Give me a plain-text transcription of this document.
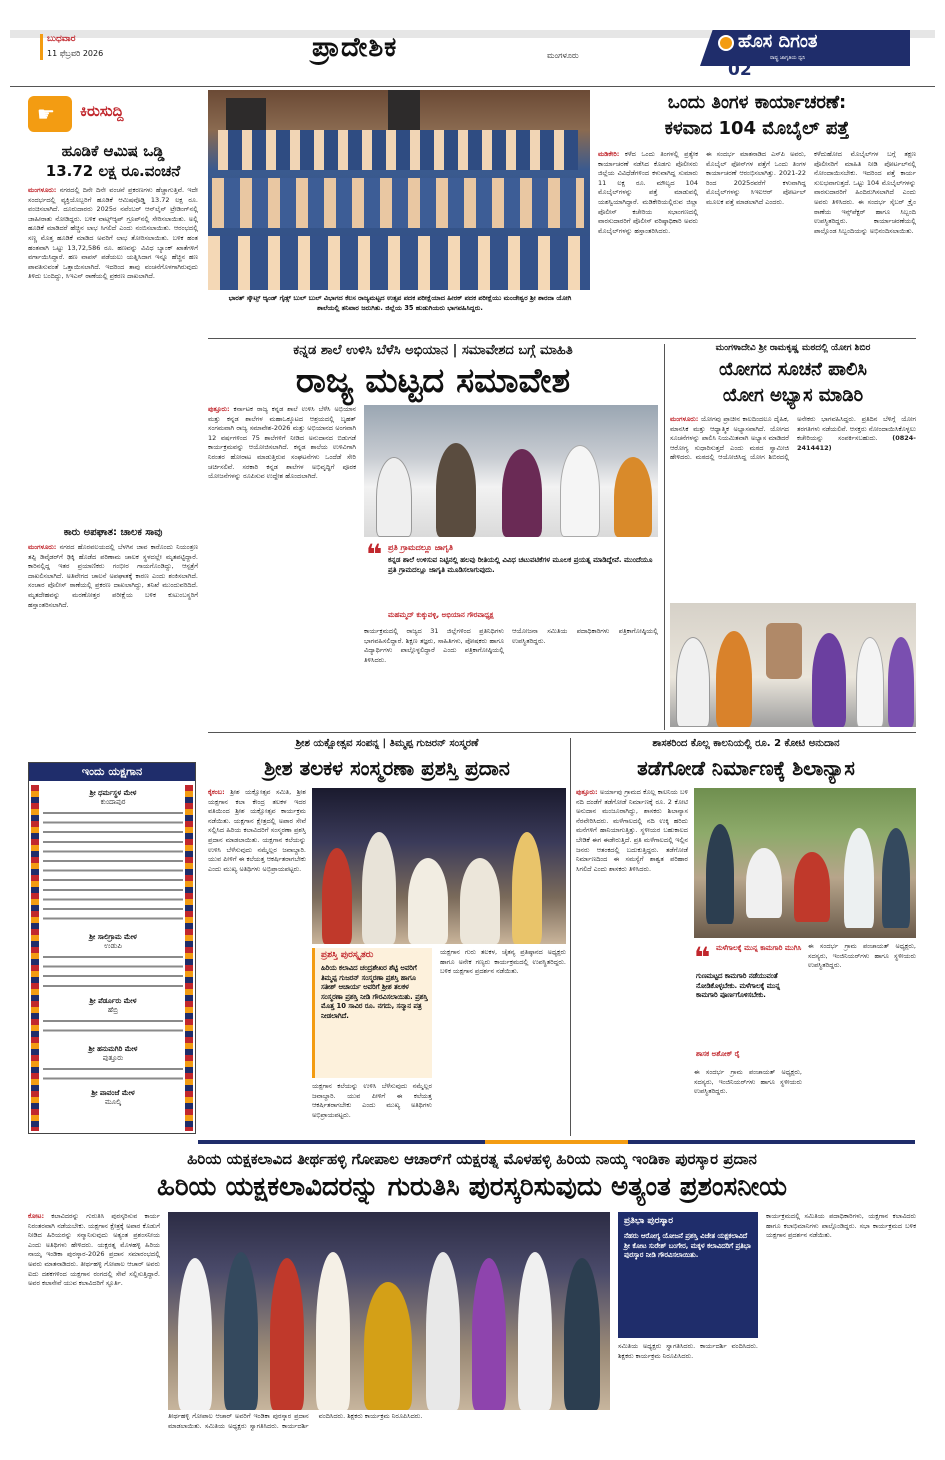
ಬುಧವಾರ
11 ಫೆಬ್ರವರಿ 2026	ಪ್ರಾದೇಶಿಕ	ಮಂಗಳೂರು
ಹೊಸ ದಿಗಂತ
ರಾಷ್ಟ್ರ ಜಾಗೃತಿಯ ಧ್ವನಿ
02
☛ ಕಿರುಸುದ್ದಿ
ಹೂಡಿಕೆ ಆಮಿಷ ಒಡ್ಡಿ
13.72 ಲಕ್ಷ ರೂ.ವಂಚನೆ
ಮಂಗಳೂರು: ನಗರದಲ್ಲಿ ದಿನೇ ದಿನೇ ವಂಚನೆ ಪ್ರಕರಣಗಳು ಹೆಚ್ಚಾಗುತ್ತಿವೆ. ಇದೇ ಸಂದರ್ಭದಲ್ಲಿ ವ್ಯಕ್ತಿಯೊಬ್ಬರಿಗೆ ಹೂಡಿಕೆ ಆಮಿಷವೊಡ್ಡಿ 13.72 ಲಕ್ಷ ರೂ. ವಂಚಿಸಲಾಗಿದೆ. ದೂರುದಾರರು 2025ರ ನವೆಂಬರ್ ಆನ್‌ಲೈನ್ ಟ್ರೇಡಿಂಗ್‌ನಲ್ಲಿ ಜಾಹೀರಾತು ನೋಡಿದ್ದರು. ಬಳಿಕ ವಾಟ್ಸ್‌ಆ್ಯಪ್ ಗ್ರೂಪ್‌ನಲ್ಲಿ ಸೇರಿಸಲಾಯಿತು. ಅಲ್ಲಿ ಹೂಡಿಕೆ ಮಾಡಿದರೆ ಹೆಚ್ಚಿನ ಲಾಭ ಸಿಗಲಿದೆ ಎಂದು ನಂಬಿಸಲಾಯಿತು. ಆರಂಭದಲ್ಲಿ ಸಣ್ಣ ಮೊತ್ತ ಹೂಡಿಕೆ ಮಾಡಿದ ಅವರಿಗೆ ಲಾಭ ತೋರಿಸಲಾಯಿತು. ಬಳಿಕ ಹಂತ ಹಂತವಾಗಿ ಒಟ್ಟು 13,72,586 ರೂ. ಹಣವನ್ನು ವಿವಿಧ ಬ್ಯಾಂಕ್ ಖಾತೆಗಳಿಗೆ ವರ್ಗಾಯಿಸಿದ್ದಾರೆ. ಹಣ ವಾಪಸ್ ಪಡೆಯಲು ಯತ್ನಿಸಿದಾಗ ಇನ್ನೂ ಹೆಚ್ಚಿನ ಹಣ ಪಾವತಿಸುವಂತೆ ಒತ್ತಾಯಿಸಲಾಗಿದೆ. ಇದರಿಂದ ತಾವು ವಂಚನೆಗೊಳಗಾಗಿರುವುದು ತಿಳಿದು ಬಂದಿದ್ದು, ಸಿಇಎನ್ ಠಾಣೆಯಲ್ಲಿ ಪ್ರಕರಣ ದಾಖಲಾಗಿದೆ.
ಕಾರು ಅಪಘಾತ: ಚಾಲಕ ಸಾವು
ಮಂಗಳೂರು: ನಗರದ ಹೊರವಲಯದಲ್ಲಿ ಬೆಳಗಿನ ಜಾವ ಕಾರೊಂದು ನಿಯಂತ್ರಣ ತಪ್ಪಿ ಡಿವೈಡರ್‌ಗೆ ಢಿಕ್ಕಿ ಹೊಡೆದ ಪರಿಣಾಮ ಚಾಲಕ ಸ್ಥಳದಲ್ಲೇ ಮೃತಪಟ್ಟಿದ್ದಾರೆ. ಕಾರಿನಲ್ಲಿದ್ದ ಇತರ ಪ್ರಯಾಣಿಕರು ಗಂಭೀರ ಗಾಯಗೊಂಡಿದ್ದು, ಆಸ್ಪತ್ರೆಗೆ ದಾಖಲಿಸಲಾಗಿದೆ. ಅತಿವೇಗದ ಚಾಲನೆ ಅಪಘಾತಕ್ಕೆ ಕಾರಣ ಎಂದು ಶಂಕಿಸಲಾಗಿದೆ. ಸಂಚಾರ ಪೊಲೀಸ್ ಠಾಣೆಯಲ್ಲಿ ಪ್ರಕರಣ ದಾಖಲಾಗಿದ್ದು, ತನಿಖೆ ಮುಂದುವರಿದಿದೆ. ಮೃತದೇಹವನ್ನು ಮರಣೋತ್ತರ ಪರೀಕ್ಷೆಯ ಬಳಿಕ ಕುಟುಂಬಸ್ಥರಿಗೆ ಹಸ್ತಾಂತರಿಸಲಾಗಿದೆ.
ಇಂದು ಯಕ್ಷಗಾನ
ಶ್ರೀ ಧರ್ಮಸ್ಥಳ ಮೇಳ
ಕುಂದಾಪುರ
ಶ್ರೀ ಸಾಲಿಗ್ರಾಮ ಮೇಳ
ಉಡುಪಿ
ಶ್ರೀ ಪೆರ್ಡೂರು ಮೇಳ
ಹೆಬ್ರಿ
ಶ್ರೀ ಹನುಮಗಿರಿ ಮೇಳ
ಪುತ್ತೂರು
ಶ್ರೀ ಪಾವಂಜೆ ಮೇಳ
ಮೂಲ್ಕಿ
ಭಾರತ್ ಸ್ಕೌಟ್ಸ್ ಆ್ಯಂಡ್ ಗೈಡ್ಸ್ ಬುಲ್ ಬುಲ್ ವಿಭಾಗದ ಕೆಲಸ ರಾಜ್ಯಮಟ್ಟದ ಉತ್ಸವ ಪದಕ ಪರೀಕ್ಷೆಯಾದ ಹೀರಕ್ ಪದಕ ಪರೀಕ್ಷೆಯು ಮಂಜೇಶ್ವರ ಶ್ರೀ ಶಾರದಾ ಯೋಗಿ ಶಾಲೆಯಲ್ಲಿ ತನಿವಾರ ಜರುಗಿತು. ಜಿಲ್ಲೆಯ 35 ಹುಡುಗಿಯರು ಭಾಗವಹಿಸಿದ್ದರು.
ಒಂದು ತಿಂಗಳ ಕಾರ್ಯಾಚರಣೆ:
ಕಳವಾದ 104 ಮೊಬೈಲ್ ಪತ್ತೆ
ಮಡಿಕೇರಿ: ಕಳೆದ ಒಂದು ತಿಂಗಳಲ್ಲಿ ಪ್ರತ್ಯೇಕ ಕಾರ್ಯಾಚರಣೆ ನಡೆಸಿದ ಕೊಡಗು ಪೊಲೀಸರು ಜಿಲ್ಲೆಯ ವಿವಿಧೆಡೆಗಳಿಂದ ಕಳುವಾಗಿದ್ದ ಸುಮಾರು 11 ಲಕ್ಷ ರೂ. ಮೌಲ್ಯದ 104 ಮೊಬೈಲ್‌ಗಳನ್ನು ಪತ್ತೆ ಮಾಡುವಲ್ಲಿ ಯಶಸ್ವಿಯಾಗಿದ್ದಾರೆ. ಮಡಿಕೇರಿಯಲ್ಲಿರುವ ಜಿಲ್ಲಾ ಪೊಲೀಸ್ ಕಚೇರಿಯ ಸಭಾಂಗಣದಲ್ಲಿ ವಾರಸುದಾರರಿಗೆ ಪೊಲೀಸ್ ವರಿಷ್ಠಾಧಿಕಾರಿ ಅವರು ಮೊಬೈಲ್‌ಗಳನ್ನು ಹಸ್ತಾಂತರಿಸಿದರು.
ಈ ಸಂದರ್ಭ ಮಾತನಾಡಿದ ಎಸ್‌ಪಿ ಅವರು, ಮೊಬೈಲ್ ಫೋನ್‌ಗಳ ಪತ್ತೆಗೆ ಒಂದು ತಿಂಗಳ ಕಾರ್ಯಾಚರಣೆ ಆರಂಭಿಸಲಾಗಿತ್ತು. 2021-22 ರಿಂದ 2025ರವರೆಗೆ ಕಳುವಾಗಿದ್ದ ಮೊಬೈಲ್‌ಗಳನ್ನು ಸಿಇಐಆರ್ ಪೋರ್ಟಲ್ ಮೂಲಕ ಪತ್ತೆ ಮಾಡಲಾಗಿದೆ ಎಂದರು.
ಕಳೆದುಹೋದ ಮೊಬೈಲ್‌ಗಳ ಬಗ್ಗೆ ತಕ್ಷಣ ಪೊಲೀಸರಿಗೆ ಮಾಹಿತಿ ನೀಡಿ ಪೋರ್ಟಲ್‌ನಲ್ಲಿ ನೋಂದಾಯಿಸಬೇಕು. ಇದರಿಂದ ಪತ್ತೆ ಕಾರ್ಯ ಸುಲಭವಾಗುತ್ತದೆ. ಒಟ್ಟು 104 ಮೊಬೈಲ್‌ಗಳನ್ನು ವಾರಸುದಾರರಿಗೆ ಹಿಂದಿರುಗಿಸಲಾಗಿದೆ ಎಂದು ಅವರು ತಿಳಿಸಿದರು. ಈ ಸಂದರ್ಭ ಸೈಬರ್ ಕ್ರೈಂ ಠಾಣೆಯ ಇನ್ಸ್‌ಪೆಕ್ಟರ್ ಹಾಗೂ ಸಿಬ್ಬಂದಿ ಉಪಸ್ಥಿತರಿದ್ದರು. ಕಾರ್ಯಾಚರಣೆಯಲ್ಲಿ ಪಾಲ್ಗೊಂಡ ಸಿಬ್ಬಂದಿಯನ್ನು ಅಭಿನಂದಿಸಲಾಯಿತು.
ಕನ್ನಡ ಶಾಲೆ ಉಳಿಸಿ ಬೆಳೆಸಿ ಅಭಿಯಾನ | ಸಮಾವೇಶದ ಬಗ್ಗೆ ಮಾಹಿತಿ
ರಾಜ್ಯ ಮಟ್ಟದ ಸಮಾವೇಶ
ಪುತ್ತೂರು: ಕರ್ನಾಟಕ ರಾಜ್ಯ ಕನ್ನಡ ಶಾಲೆ ಉಳಿಸಿ ಬೆಳೆಸಿ ಅಭಿಯಾನ ಮತ್ತು ಕನ್ನಡ ಶಾಲೆಗಳ ಮಹಾಒಕ್ಕೂಟದ ಆಶ್ರಯದಲ್ಲಿ ಬೃಹತ್ ಸಂಗಮವಾಗಿ ರಾಜ್ಯ ಸಮಾವೇಶ-2026 ಮತ್ತು ಅಭಿಯಾನದ ಅಂಗವಾಗಿ 12 ವರ್ಷಗಳಿಂದ 75 ಶಾಲೆಗಳಿಗೆ ನೀಡಿದ ಅನುದಾನದ ಬಿಡುಗಡೆ ಕಾರ್ಯಕ್ರಮವನ್ನು ಆಯೋಜಿಸಲಾಗಿದೆ. ಕನ್ನಡ ಶಾಲೆಯ ಉಳಿವಿಗಾಗಿ ನಿರಂತರ ಹೋರಾಟ ಮಾಡುತ್ತಿರುವ ಸಂಘಟನೆಗಳು ಒಂದೆಡೆ ಸೇರಿ ಚರ್ಚಿಸಲಿವೆ. ಸರಕಾರಿ ಕನ್ನಡ ಶಾಲೆಗಳ ಅಭಿವೃದ್ಧಿಗೆ ಪೂರಕ ಯೋಜನೆಗಳನ್ನು ರೂಪಿಸುವ ಉದ್ದೇಶ ಹೊಂದಲಾಗಿದೆ.
❝ ಪ್ರತಿ ಗ್ರಾಮದಲ್ಲೂ ಜಾಗೃತಿ
ಕನ್ನಡ ಶಾಲೆ ಉಳಿಸುವ ನಿಟ್ಟಿನಲ್ಲಿ ಹಲವು ರೀತಿಯಲ್ಲಿ ವಿವಿಧ ಚಟುವಟಿಕೆಗಳ ಮೂಲಕ ಪ್ರಯತ್ನ ಮಾಡಿದ್ದೇವೆ. ಮುಂದೆಯೂ ಪ್ರತಿ ಗ್ರಾಮದಲ್ಲೂ ಜಾಗೃತಿ ಮೂಡಿಸಲಾಗುವುದು.
ಮಹಮ್ಮದ್ ಕುಕ್ಕುವಳ್ಳಿ, ಅಭಿಯಾನ ಗೌರವಾಧ್ಯಕ್ಷ
ಕಾರ್ಯಕ್ರಮದಲ್ಲಿ ರಾಜ್ಯದ 31 ಜಿಲ್ಲೆಗಳಿಂದ ಪ್ರತಿನಿಧಿಗಳು ಭಾಗವಹಿಸಲಿದ್ದಾರೆ. ಶಿಕ್ಷಣ ತಜ್ಞರು, ಸಾಹಿತಿಗಳು, ಪೋಷಕರು ಹಾಗೂ ವಿದ್ಯಾರ್ಥಿಗಳು ಪಾಲ್ಗೊಳ್ಳಲಿದ್ದಾರೆ ಎಂದು ಪತ್ರಿಕಾಗೋಷ್ಠಿಯಲ್ಲಿ ತಿಳಿಸಿದರು.
ಆಯೋಜನಾ ಸಮಿತಿಯ ಪದಾಧಿಕಾರಿಗಳು ಪತ್ರಿಕಾಗೋಷ್ಠಿಯಲ್ಲಿ ಉಪಸ್ಥಿತರಿದ್ದರು.
ಮಂಗಳಾದೇವಿ ಶ್ರೀ ರಾಮಕೃಷ್ಣ ಮಠದಲ್ಲಿ ಯೋಗ ಶಿಬಿರ
ಯೋಗದ ಸೂಚನೆ ಪಾಲಿಸಿ
ಯೋಗ ಅಭ್ಯಾಸ ಮಾಡಿರಿ
ಮಂಗಳೂರು: ಯೋಗವು ಪ್ರಾಚೀನ ಕಾಲದಿಂದಲೂ ದೈಹಿಕ, ಮಾನಸಿಕ ಮತ್ತು ಆಧ್ಯಾತ್ಮಿಕ ಅಭ್ಯಾಸವಾಗಿದೆ. ಯೋಗದ ಸೂಚನೆಗಳನ್ನು ಪಾಲಿಸಿ ನಿಯಮಿತವಾಗಿ ಅಭ್ಯಾಸ ಮಾಡಿದರೆ ಆರೋಗ್ಯ ಸುಧಾರಿಸುತ್ತದೆ ಎಂದು ಮಠದ ಸ್ವಾಮೀಜಿ ಹೇಳಿದರು. ಮಠದಲ್ಲಿ ಆಯೋಜಿಸಿದ್ದ ಯೋಗ ಶಿಬಿರದಲ್ಲಿ ಅನೇಕರು ಭಾಗವಹಿಸಿದ್ದರು. ಪ್ರತಿದಿನ ಬೆಳಿಗ್ಗೆ ಯೋಗ ತರಗತಿಗಳು ನಡೆಯಲಿವೆ. ಆಸಕ್ತರು ನೋಂದಾಯಿಸಿಕೊಳ್ಳಲು ಕಚೇರಿಯನ್ನು ಸಂಪರ್ಕಿಸಬಹುದು. (0824-2414412)
ಶ್ರೀಶ ಯಕ್ಷೋತ್ಸವ ಸಂಪನ್ನ | ತಿಮ್ಮಪ್ಪ ಗುಜರನ್ ಸಂಸ್ಮರಣೆ
ಶ್ರೀಶ ತಲಕಳ ಸಂಸ್ಮರಣಾ ಪ್ರಶಸ್ತಿ ಪ್ರದಾನ
ಕೈಕಂಬ: ಶ್ರೀಶ ಯಕ್ಷೋತ್ಸವ ಸಮಿತಿ, ಶ್ರೀಶ ಯಕ್ಷಗಾನ ಕಲಾ ಕೇಂದ್ರ ತಲಕಳ ಇದರ ವತಿಯಿಂದ ಶ್ರೀಶ ಯಕ್ಷೋತ್ಸವ ಕಾರ್ಯಕ್ರಮ ನಡೆಯಿತು. ಯಕ್ಷಗಾನ ಕ್ಷೇತ್ರದಲ್ಲಿ ಅಪಾರ ಸೇವೆ ಸಲ್ಲಿಸಿದ ಹಿರಿಯ ಕಲಾವಿದರಿಗೆ ಸಂಸ್ಮರಣಾ ಪ್ರಶಸ್ತಿ ಪ್ರದಾನ ಮಾಡಲಾಯಿತು. ಯಕ್ಷಗಾನ ಕಲೆಯನ್ನು ಉಳಿಸಿ ಬೆಳೆಸುವುದು ನಮ್ಮೆಲ್ಲರ ಜವಾಬ್ದಾರಿ. ಯುವ ಪೀಳಿಗೆ ಈ ಕಲೆಯತ್ತ ಆಕರ್ಷಿತರಾಗಬೇಕು ಎಂದು ಮುಖ್ಯ ಅತಿಥಿಗಳು ಅಭಿಪ್ರಾಯಪಟ್ಟರು.
ಪ್ರಶಸ್ತಿ ಪುರಸ್ಕೃತರು
ಹಿರಿಯ ಕಲಾವಿದ ಚಂದ್ರಶೇಖರ ಶೆಟ್ಟಿ ಅವರಿಗೆ ತಿಮ್ಮಪ್ಪ ಗುಜರನ್ ಸಂಸ್ಮರಣಾ ಪ್ರಶಸ್ತಿ ಹಾಗೂ ಸತೀಶ್ ಆಚಾರ್ಯ ಅವರಿಗೆ ಶ್ರೀಶ ತಲಕಳ ಸಂಸ್ಮರಣಾ ಪ್ರಶಸ್ತಿ ನೀಡಿ ಗೌರವಿಸಲಾಯಿತು. ಪ್ರಶಸ್ತಿ ಮೊತ್ತ 10 ಸಾವಿರ ರೂ. ನಗದು, ಸನ್ಮಾನ ಪತ್ರ ನೀಡಲಾಗಿದೆ.
ಯಕ್ಷಗಾನ ಗುರು ತಲಕಳ, ಚೈತನ್ಯ ಪ್ರತಿಷ್ಠಾನದ ಅಧ್ಯಕ್ಷರು ಹಾಗೂ ಅನೇಕ ಗಣ್ಯರು ಕಾರ್ಯಕ್ರಮದಲ್ಲಿ ಉಪಸ್ಥಿತರಿದ್ದರು. ಬಳಿಕ ಯಕ್ಷಗಾನ ಪ್ರದರ್ಶನ ನಡೆಯಿತು.
ಯಕ್ಷಗಾನ ಕಲೆಯನ್ನು ಉಳಿಸಿ ಬೆಳೆಸುವುದು ನಮ್ಮೆಲ್ಲರ ಜವಾಬ್ದಾರಿ. ಯುವ ಪೀಳಿಗೆ ಈ ಕಲೆಯತ್ತ ಆಕರ್ಷಿತರಾಗಬೇಕು ಎಂದು ಮುಖ್ಯ ಅತಿಥಿಗಳು ಅಭಿಪ್ರಾಯಪಟ್ಟರು.
ಶಾಸಕರಿಂದ ಕೊಲ್ಲ ಕಾಲನಿಯಲ್ಲಿ ರೂ. 2 ಕೋಟಿ ಅನುದಾನ
ತಡೆಗೋಡೆ ನಿರ್ಮಾಣಕ್ಕೆ ಶಿಲಾನ್ಯಾಸ
ಪುತ್ತೂರು: ಅರ್ಯಾಪು ಗ್ರಾಮದ ಕೊಲ್ಲ ಕಾಲನಿಯ ಬಳಿ ನದಿ ದಂಡೆಗೆ ತಡೆಗೋಡೆ ನಿರ್ಮಾಣಕ್ಕೆ ರೂ. 2 ಕೋಟಿ ಅನುದಾನ ಮಂಜೂರಾಗಿದ್ದು, ಶಾಸಕರು ಶಿಲಾನ್ಯಾಸ ನೆರವೇರಿಸಿದರು. ಮಳೆಗಾಲದಲ್ಲಿ ನದಿ ಉಕ್ಕಿ ಹರಿದು ಮನೆಗಳಿಗೆ ಹಾನಿಯಾಗುತ್ತಿತ್ತು. ಸ್ಥಳೀಯರ ಬಹುಕಾಲದ ಬೇಡಿಕೆ ಈಗ ಈಡೇರುತ್ತಿದೆ. ಪ್ರತಿ ಮಳೆಗಾಲದಲ್ಲಿ ಇಲ್ಲಿನ ಜನರು ಆತಂಕದಲ್ಲಿ ಬದುಕುತ್ತಿದ್ದರು. ತಡೆಗೋಡೆ ನಿರ್ಮಾಣದಿಂದ ಈ ಸಮಸ್ಯೆಗೆ ಶಾಶ್ವತ ಪರಿಹಾರ ಸಿಗಲಿದೆ ಎಂದು ಶಾಸಕರು ತಿಳಿಸಿದರು.
❝ ಮಳೆಗಾಲಕ್ಕೆ ಮುನ್ನ ಕಾಮಗಾರಿ ಮುಗಿಸಿ
ಗುಣಮಟ್ಟದ ಕಾಮಗಾರಿ ನಡೆಯುವಂತೆ ನೋಡಿಕೊಳ್ಳಬೇಕು. ಮಳೆಗಾಲಕ್ಕೆ ಮುನ್ನ ಕಾಮಗಾರಿ ಪೂರ್ಣಗೊಳಿಸಬೇಕು.
ಶಾಸಕ ಅಶೋಕ್ ರೈ
ಈ ಸಂದರ್ಭ ಗ್ರಾಮ ಪಂಚಾಯತ್ ಅಧ್ಯಕ್ಷರು, ಸದಸ್ಯರು, ಇಂಜಿನಿಯರ್‌ಗಳು ಹಾಗೂ ಸ್ಥಳೀಯರು ಉಪಸ್ಥಿತರಿದ್ದರು.
ಈ ಸಂದರ್ಭ ಗ್ರಾಮ ಪಂಚಾಯತ್ ಅಧ್ಯಕ್ಷರು, ಸದಸ್ಯರು, ಇಂಜಿನಿಯರ್‌ಗಳು ಹಾಗೂ ಸ್ಥಳೀಯರು ಉಪಸ್ಥಿತರಿದ್ದರು.
ಹಿರಿಯ ಯಕ್ಷಕಲಾವಿದ ತೀರ್ಥಹಳ್ಳಿ ಗೋಪಾಲ ಆಚಾರ್‌ಗೆ ಯಕ್ಷರತ್ನ ಮೊಳಹಳ್ಳಿ ಹಿರಿಯ ನಾಯ್ಕ ಇಂಡಿಕಾ ಪುರಸ್ಕಾರ ಪ್ರದಾನ
ಹಿರಿಯ ಯಕ್ಷಕಲಾವಿದರನ್ನು ಗುರುತಿಸಿ ಪುರಸ್ಕರಿಸುವುದು ಅತ್ಯಂತ ಪ್ರಶಂಸನೀಯ
ಕೋಟ: ಕಲಾವಿದರನ್ನು ಗುರುತಿಸಿ ಪುರಸ್ಕರಿಸುವ ಕಾರ್ಯ ನಿರಂತರವಾಗಿ ನಡೆಯಬೇಕು. ಯಕ್ಷಗಾನ ಕ್ಷೇತ್ರಕ್ಕೆ ಅಪಾರ ಕೊಡುಗೆ ನೀಡಿದ ಹಿರಿಯರನ್ನು ಸನ್ಮಾನಿಸುವುದು ಅತ್ಯಂತ ಪ್ರಶಂಸನೀಯ ಎಂದು ಅತಿಥಿಗಳು ಹೇಳಿದರು. ಯಕ್ಷರತ್ನ ಮೊಳಹಳ್ಳಿ ಹಿರಿಯ ನಾಯ್ಕ ಇಂಡಿಕಾ ಪುರಸ್ಕಾರ-2026 ಪ್ರದಾನ ಸಮಾರಂಭದಲ್ಲಿ ಅವರು ಮಾತನಾಡಿದರು. ತೀರ್ಥಹಳ್ಳಿ ಗೋಪಾಲ ಆಚಾರ್ ಅವರು ಐದು ದಶಕಗಳಿಂದ ಯಕ್ಷಗಾನ ರಂಗದಲ್ಲಿ ಸೇವೆ ಸಲ್ಲಿಸುತ್ತಿದ್ದಾರೆ. ಅವರ ಕಲಾಸೇವೆ ಯುವ ಕಲಾವಿದರಿಗೆ ಸ್ಫೂರ್ತಿ.
ತೀರ್ಥಹಳ್ಳಿ ಗೋಪಾಲ ಆಚಾರ್ ಅವರಿಗೆ ಇಂಡಿಕಾ ಪುರಸ್ಕಾರ ಪ್ರದಾನ ಮಾಡಲಾಯಿತು. ಸಮಿತಿಯ ಅಧ್ಯಕ್ಷರು ಸ್ವಾಗತಿಸಿದರು. ಕಾರ್ಯದರ್ಶಿ ವಂದಿಸಿದರು. ಶಿಕ್ಷಕರು ಕಾರ್ಯಕ್ರಮ ನಿರೂಪಿಸಿದರು.
ಪ್ರತಿಭಾ ಪುರಸ್ಕಾರ
ನೆಹರು ಆರೋಗ್ಯ ಯೋಜನೆ ಪ್ರಶಸ್ತಿ ವಿಜೇತ ಯಕ್ಷಕಲಾವಿದೆ ಶ್ರೀ ಕೋಟ ಸುರೇಶ್ ಬಂಗೇರ, ಮಕ್ಕಳ ಕಲಾವಿದರಿಗೆ ಪ್ರತಿಭಾ ಪುರಸ್ಕಾರ ನೀಡಿ ಗೌರವಿಸಲಾಯಿತು.
ಸಮಿತಿಯ ಅಧ್ಯಕ್ಷರು ಸ್ವಾಗತಿಸಿದರು. ಕಾರ್ಯದರ್ಶಿ ವಂದಿಸಿದರು. ಶಿಕ್ಷಕರು ಕಾರ್ಯಕ್ರಮ ನಿರೂಪಿಸಿದರು.
ಕಾರ್ಯಕ್ರಮದಲ್ಲಿ ಸಮಿತಿಯ ಪದಾಧಿಕಾರಿಗಳು, ಯಕ್ಷಗಾನ ಕಲಾವಿದರು ಹಾಗೂ ಕಲಾಭಿಮಾನಿಗಳು ಪಾಲ್ಗೊಂಡಿದ್ದರು. ಸಭಾ ಕಾರ್ಯಕ್ರಮದ ಬಳಿಕ ಯಕ್ಷಗಾನ ಪ್ರದರ್ಶನ ನಡೆಯಿತು.
